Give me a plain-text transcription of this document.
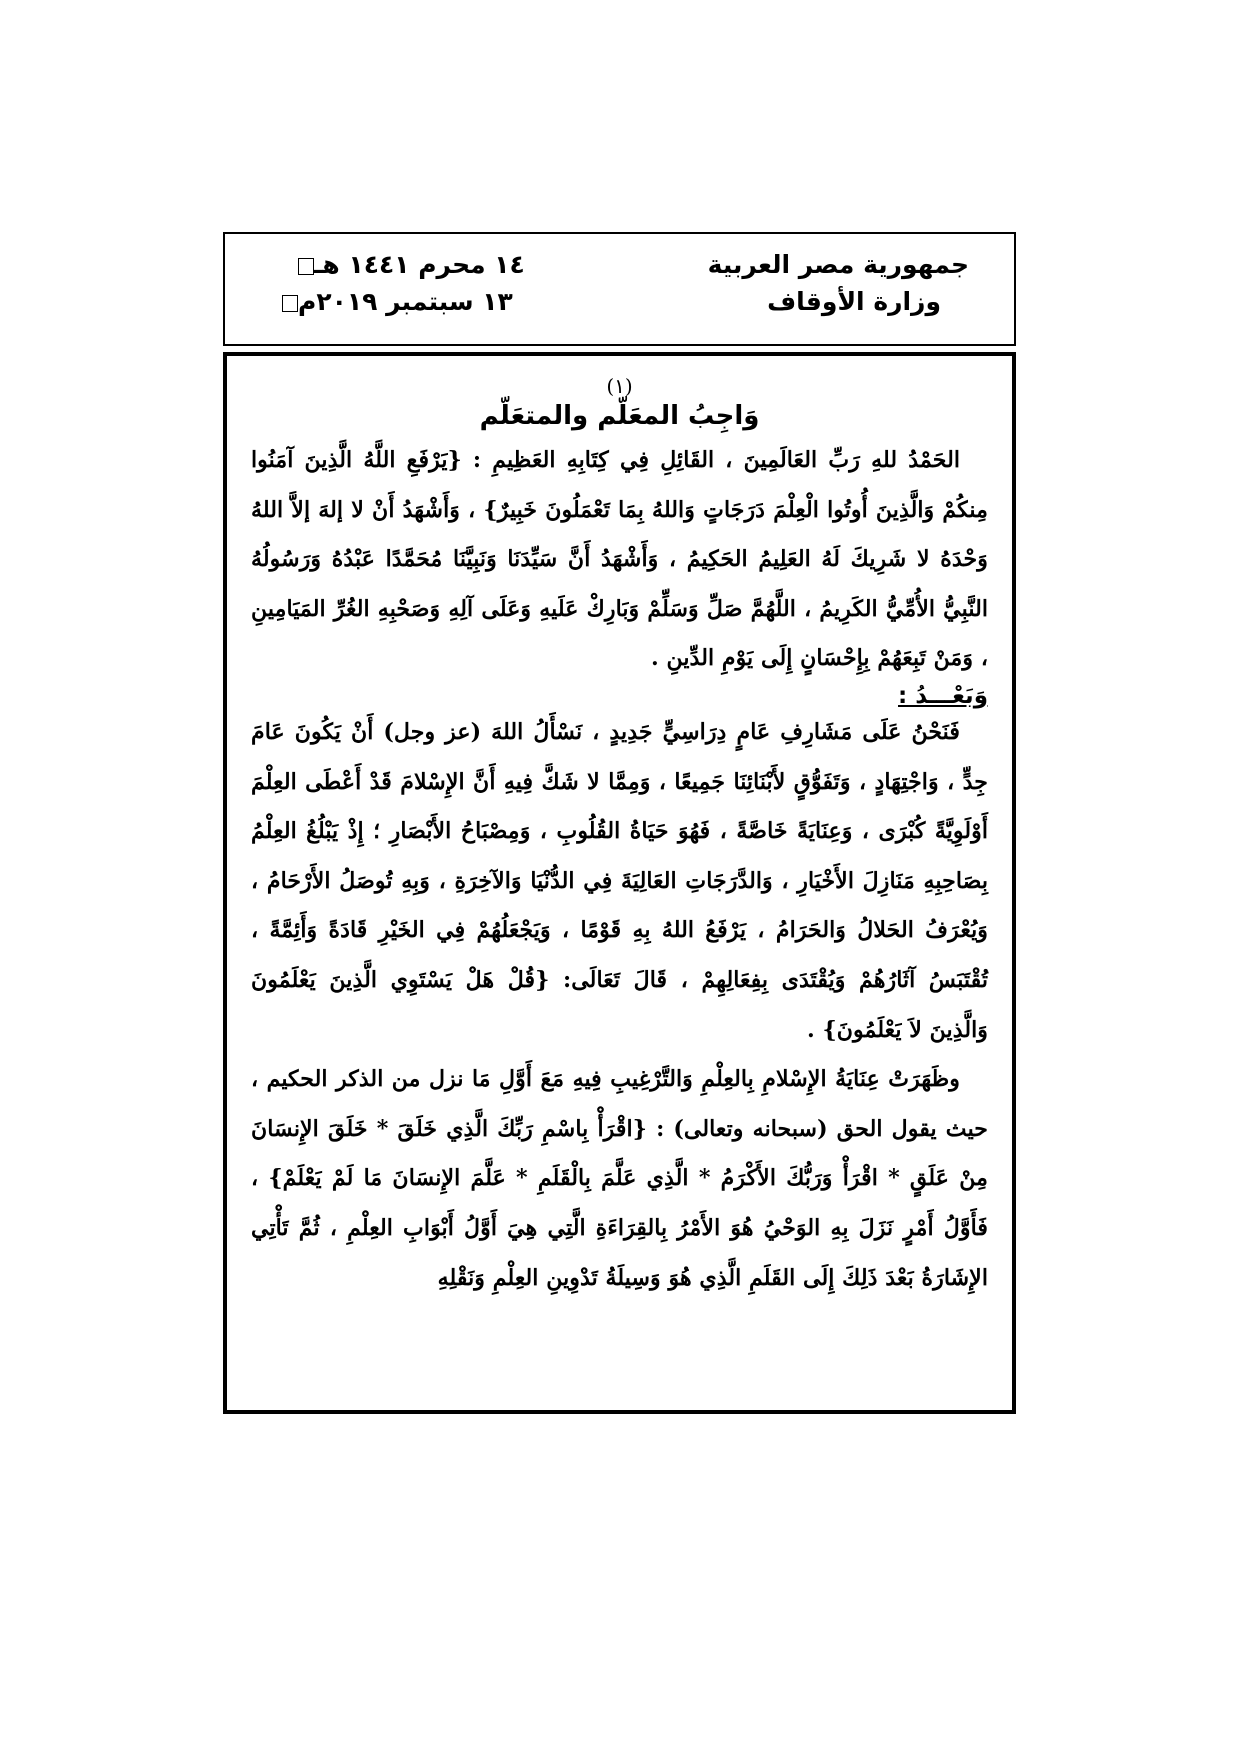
جمهورية مصر العربية
وزارة الأوقاف
١٤ محرم ١٤٤١ هـ
١٣ سبتمبر ٢٠١٩م
(١)
وَاجِبُ المعَلّم والمتعَلّم

الحَمْدُ للهِ رَبِّ العَالَمِينَ ، القَائِلِ فِي كِتَابِهِ العَظِيمِ : {يَرْفَعِ اللَّهُ الَّذِينَ آمَنُوا مِنكُمْ وَالَّذِينَ أُوتُوا الْعِلْمَ دَرَجَاتٍ وَاللهُ بِمَا تَعْمَلُونَ خَبِيرٌ} ، وَأَشْهَدُ أَنْ لا إلهَ إلاَّ اللهُ وَحْدَهُ لا شَرِيكَ لَهُ العَلِيمُ الحَكِيمُ ، وَأَشْهَدُ أَنَّ سَيِّدَنَا وَنَبِيَّنَا مُحَمَّدًا عَبْدُهُ وَرَسُولُهُ النَّبِيُّ الأُمِّيُّ الكَرِيمُ ، اللَّهُمَّ صَلِّ وَسَلِّمْ وَبَارِكْ عَلَيهِ وَعَلَى آلِهِ وَصَحْبِهِ الغُرِّ المَيَامِينِ ، وَمَنْ تَبِعَهُمْ بِإِحْسَانٍ إِلَى يَوْمِ الدِّينِ .

وَبَعْـــدُ :

فَنَحْنُ عَلَى مَشَارِفِ عَامٍ دِرَاسِيٍّ جَدِيدٍ ، نَسْأَلُ اللهَ (عز وجل) أَنْ يَكُونَ عَامَ جِدٍّ ، وَاجْتِهَادٍ ، وَتَفَوُّقٍ لأَبْنَائِنَا جَمِيعًا ، وَمِمَّا لا شَكَّ فِيهِ أَنَّ الإِسْلامَ قَدْ أَعْطَى العِلْمَ أَوْلَوِيَّةً كُبْرَى ، وَعِنَايَةً خَاصَّةً ، فَهُوَ حَيَاةُ القُلُوبِ ، وَمِصْبَاحُ الأَبْصَارِ ؛ إِذْ يَبْلُغُ العِلْمُ بِصَاحِبِهِ مَنَازِلَ الأَخْيَارِ ، وَالدَّرَجَاتِ العَالِيَةَ فِي الدُّنْيَا وَالآخِرَةِ ، وَبِهِ تُوصَلُ الأَرْحَامُ ، وَيُعْرَفُ الحَلالُ وَالحَرَامُ ، يَرْفَعُ اللهُ بِهِ قَوْمًا ، وَيَجْعَلُهُمْ فِي الخَيْرِ قَادَةً وَأَئِمَّةً ، تُقْتَبَسُ آثَارُهُمْ وَيُقْتَدَى بِفِعَالِهِمْ ، قَالَ تَعَالَى: {قُلْ هَلْ يَسْتَوِي الَّذِينَ يَعْلَمُونَ وَالَّذِينَ لاَ يَعْلَمُونَ} .

وظَهَرَتْ عِنَايَةُ الإِسْلامِ بِالعِلْمِ وَالتَّرْغِيبِ فِيهِ مَعَ أَوَّلِ مَا نزل من الذكر الحكيم ، حيث يقول الحق (سبحانه وتعالى) : {اقْرَأْ بِاسْمِ رَبِّكَ الَّذِي خَلَقَ * خَلَقَ الإِنسَانَ مِنْ عَلَقٍ * اقْرَأْ وَرَبُّكَ الأَكْرَمُ * الَّذِي عَلَّمَ بِالْقَلَمِ * عَلَّمَ الإِنسَانَ مَا لَمْ يَعْلَمْ} ، فَأَوَّلُ أَمْرٍ نَزَلَ بِهِ الوَحْيُ هُوَ الأَمْرُ بِالقِرَاءَةِ الَّتِي هِيَ أَوَّلُ أَبْوَابِ العِلْمِ ، ثُمَّ تَأْتِي الإِشَارَةُ بَعْدَ ذَلِكَ إِلَى القَلَمِ الَّذِي هُوَ وَسِيلَةُ تَدْوِينِ العِلْمِ وَنَقْلِهِ
